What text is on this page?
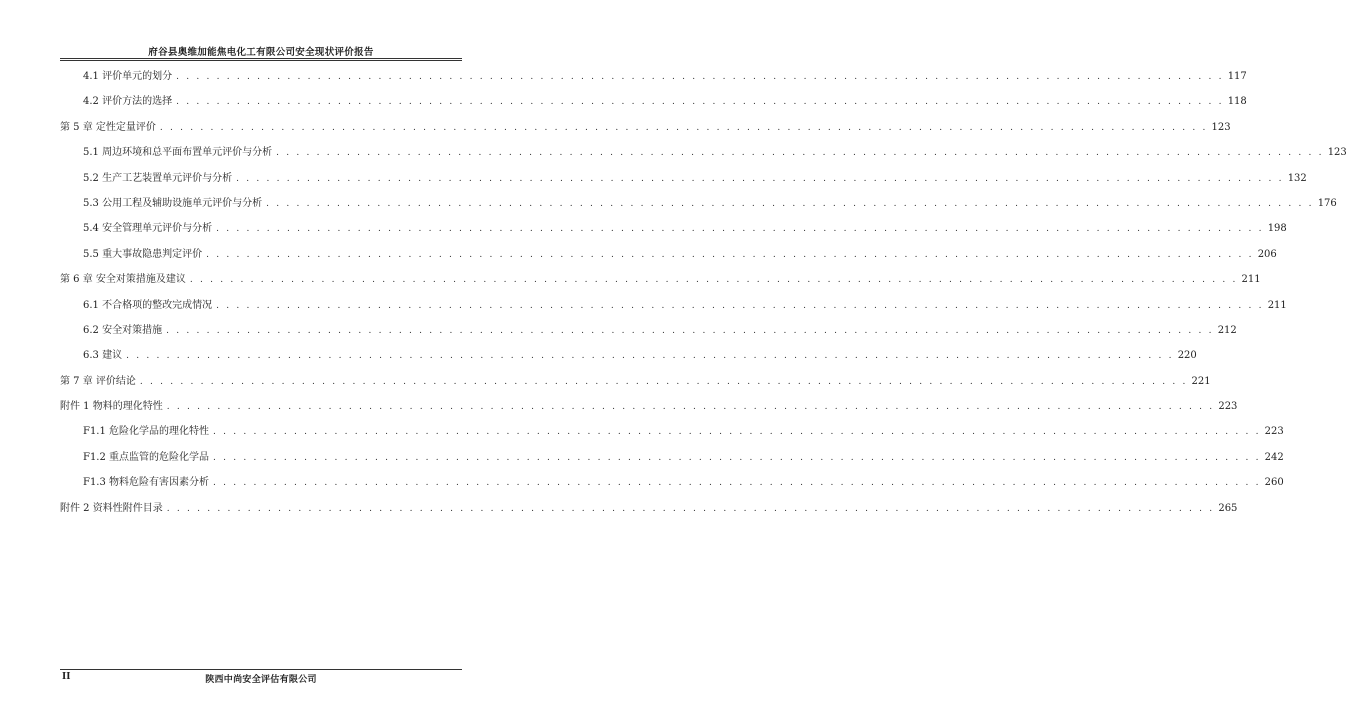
府谷县奥维加能焦电化工有限公司安全现状评价报告
4.1 评价单元的划分 . . . . . . . . . . . . . . . . . . . . . . . . . . . . . . . . . . . . . . . . . . . . . . . . . . . . . . . . . . . . . . . . . . . . . . . . . . . . . . . . . . . . . . . . . . . . . . . . . . . . . . . . 117
4.2 评价方法的选择 . . . . . . . . . . . . . . . . . . . . . . . . . . . . . . . . . . . . . . . . . . . . . . . . . . . . . . . . . . . . . . . . . . . . . . . . . . . . . . . . . . . . . . . . . . . . . . . . . . . . . . . . 118
第 5 章 定性定量评价 . . . . . . . . . . . . . . . . . . . . . . . . . . . . . . . . . . . . . . . . . . . . . . . . . . . . . . . . . . . . . . . . . . . . . . . . . . . . . . . . . . . . . . . . . . . . . . . . . . . . . . . . 123
5.1 周边环境和总平面布置单元评价与分析 . . . . . . . . . . . . . . . . . . . . . . . . . . . . . . . . . . . . . . . . . . . . . . . . . . . . . . . . . . . . . . . . . . . . . . . . . . . . . . . . . . . . . . . . . . . . . . . . . . . . . . . . 123
5.2 生产工艺装置单元评价与分析 . . . . . . . . . . . . . . . . . . . . . . . . . . . . . . . . . . . . . . . . . . . . . . . . . . . . . . . . . . . . . . . . . . . . . . . . . . . . . . . . . . . . . . . . . . . . . . . . . . . . . . . . 132
5.3 公用工程及辅助设施单元评价与分析 . . . . . . . . . . . . . . . . . . . . . . . . . . . . . . . . . . . . . . . . . . . . . . . . . . . . . . . . . . . . . . . . . . . . . . . . . . . . . . . . . . . . . . . . . . . . . . . . . . . . . . . . 176
5.4 安全管理单元评价与分析 . . . . . . . . . . . . . . . . . . . . . . . . . . . . . . . . . . . . . . . . . . . . . . . . . . . . . . . . . . . . . . . . . . . . . . . . . . . . . . . . . . . . . . . . . . . . . . . . . . . . . . . . 198
5.5 重大事故隐患判定评价 . . . . . . . . . . . . . . . . . . . . . . . . . . . . . . . . . . . . . . . . . . . . . . . . . . . . . . . . . . . . . . . . . . . . . . . . . . . . . . . . . . . . . . . . . . . . . . . . . . . . . . . . 206
第 6 章 安全对策措施及建议 . . . . . . . . . . . . . . . . . . . . . . . . . . . . . . . . . . . . . . . . . . . . . . . . . . . . . . . . . . . . . . . . . . . . . . . . . . . . . . . . . . . . . . . . . . . . . . . . . . . . . . . . 211
6.1 不合格项的整改完成情况 . . . . . . . . . . . . . . . . . . . . . . . . . . . . . . . . . . . . . . . . . . . . . . . . . . . . . . . . . . . . . . . . . . . . . . . . . . . . . . . . . . . . . . . . . . . . . . . . . . . . . . . . 211
6.2 安全对策措施 . . . . . . . . . . . . . . . . . . . . . . . . . . . . . . . . . . . . . . . . . . . . . . . . . . . . . . . . . . . . . . . . . . . . . . . . . . . . . . . . . . . . . . . . . . . . . . . . . . . . . . . . 212
6.3 建议 . . . . . . . . . . . . . . . . . . . . . . . . . . . . . . . . . . . . . . . . . . . . . . . . . . . . . . . . . . . . . . . . . . . . . . . . . . . . . . . . . . . . . . . . . . . . . . . . . . . . . . . . 220
第 7 章 评价结论 . . . . . . . . . . . . . . . . . . . . . . . . . . . . . . . . . . . . . . . . . . . . . . . . . . . . . . . . . . . . . . . . . . . . . . . . . . . . . . . . . . . . . . . . . . . . . . . . . . . . . . . . 221
附件 1 物料的理化特性 . . . . . . . . . . . . . . . . . . . . . . . . . . . . . . . . . . . . . . . . . . . . . . . . . . . . . . . . . . . . . . . . . . . . . . . . . . . . . . . . . . . . . . . . . . . . . . . . . . . . . . . . 223
F1.1 危险化学品的理化特性 . . . . . . . . . . . . . . . . . . . . . . . . . . . . . . . . . . . . . . . . . . . . . . . . . . . . . . . . . . . . . . . . . . . . . . . . . . . . . . . . . . . . . . . . . . . . . . . . . . . . . . . . 223
F1.2 重点监管的危险化学品 . . . . . . . . . . . . . . . . . . . . . . . . . . . . . . . . . . . . . . . . . . . . . . . . . . . . . . . . . . . . . . . . . . . . . . . . . . . . . . . . . . . . . . . . . . . . . . . . . . . . . . . . 242
F1.3 物料危险有害因素分析 . . . . . . . . . . . . . . . . . . . . . . . . . . . . . . . . . . . . . . . . . . . . . . . . . . . . . . . . . . . . . . . . . . . . . . . . . . . . . . . . . . . . . . . . . . . . . . . . . . . . . . . . 260
附件 2 资料性附件目录 . . . . . . . . . . . . . . . . . . . . . . . . . . . . . . . . . . . . . . . . . . . . . . . . . . . . . . . . . . . . . . . . . . . . . . . . . . . . . . . . . . . . . . . . . . . . . . . . . . . . . . . . 265
II	陕西中尚安全评估有限公司
